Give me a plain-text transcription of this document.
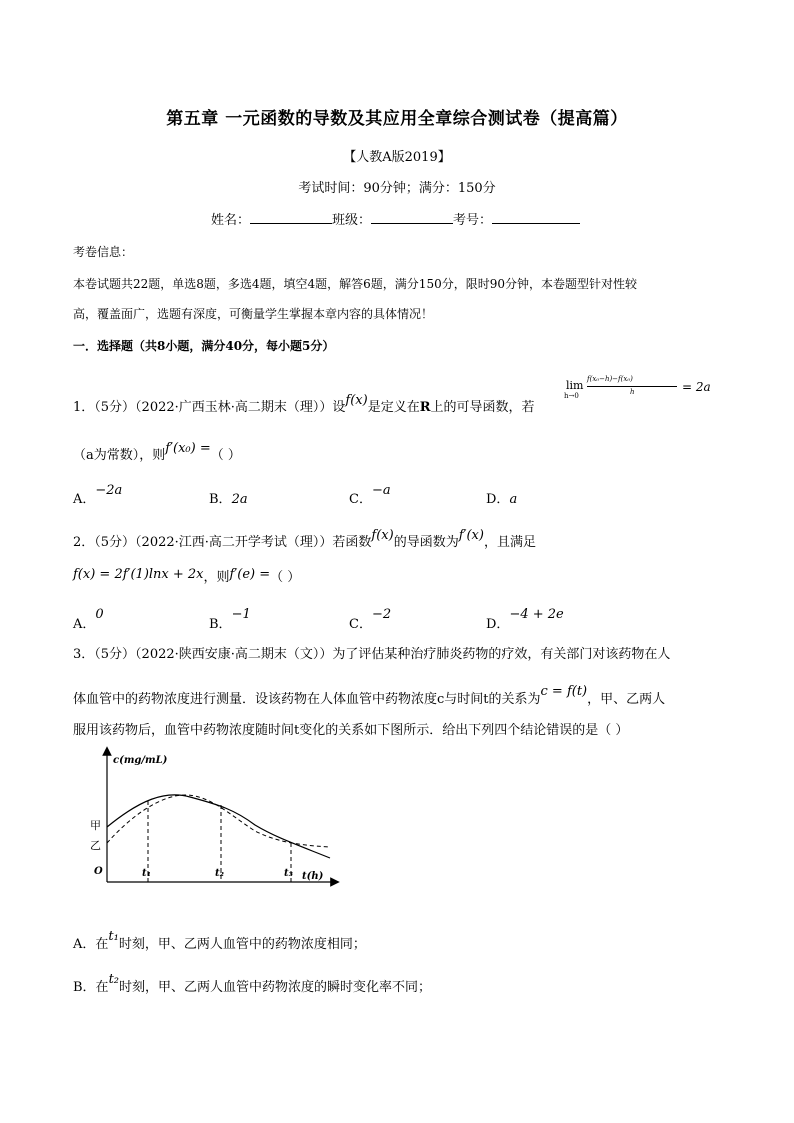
第五章 一元函数的导数及其应用全章综合测试卷（提高篇）
【人教A版2019】
考试时间：90分钟；满分：150分
姓名：	班级：	考号：
考卷信息：
本卷试题共22题，单选8题，多选4题，填空4题，解答6题，满分150分，限时90分钟，本卷题型针对性较
高，覆盖面广，选题有深度，可衡量学生掌握本章内容的具体情况！
一．选择题（共8小题，满分40分，每小题5分）
1．（5分）（2022·广西玉林·高二期末（理））设f(x)是定义在R上的可导函数，若
lim
h→0
f(x₀−h)−f(x₀)
h	= 2a
（a为常数），则f′(x₀) =（ ）
A．−2a
B．2a	C．−a
D．a
2．（5分）（2022·江西·高二开学考试（理））若函数f(x)的导函数为f′(x)，且满足
f(x) = 2f′(1)lnx + 2x，则f′(e) =（ ）
A．0
B．−1
C．−2
D．−4 + 2e
3．（5分）（2022·陕西安康·高二期末（文））为了评估某种治疗肺炎药物的疗效，有关部门对该药物在人
体血管中的药物浓度进行测量．设该药物在人体血管中药物浓度c与时间t的关系为c = f(t)，甲、乙两人
服用该药物后，血管中药物浓度随时间t变化的关系如下图所示．给出下列四个结论错误的是（ ）
c(mg/mL)
t(h)
O
甲
乙
t₁	t₂	t₃
A．在t₁时刻，甲、乙两人血管中的药物浓度相同；
B．在t₂时刻，甲、乙两人血管中药物浓度的瞬时变化率不同；
